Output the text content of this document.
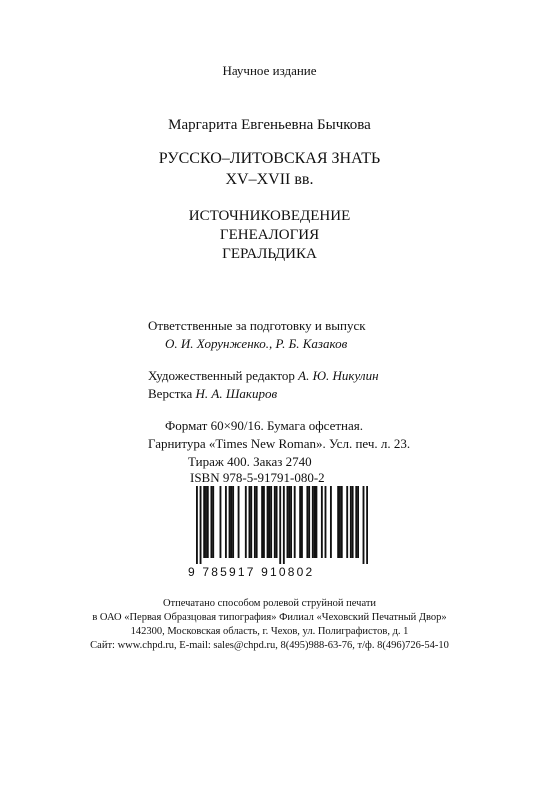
Научное издание
Маргарита Евгеньевна Бычкова
РУССКО–ЛИТОВСКАЯ ЗНАТЬ
XV–XVII вв.
ИСТОЧНИКОВЕДЕНИЕ
ГЕНЕАЛОГИЯ
ГЕРАЛЬДИКА
Ответственные за подготовку и выпуск
О. И. Хорунженко., Р. Б. Казаков
Художественный редактор А. Ю. Никулин
Верстка Н. А. Шакиров
Формат 60×90/16. Бумага офсетная.
Гарнитура «Times New Roman». Усл. печ. л. 23.
Тираж 400. Заказ 2740
ISBN 978-5-91791-080-2
9 785917 910802
Отпечатано способом ролевой струйной печати
в ОАО «Первая Образцовая типография» Филиал «Чеховский Печатный Двор»
142300, Московская область, г. Чехов, ул. Полиграфистов, д. 1
Сайт: www.chpd.ru, E-mail: sales@chpd.ru, 8(495)988-63-76, т/ф. 8(496)726-54-10
